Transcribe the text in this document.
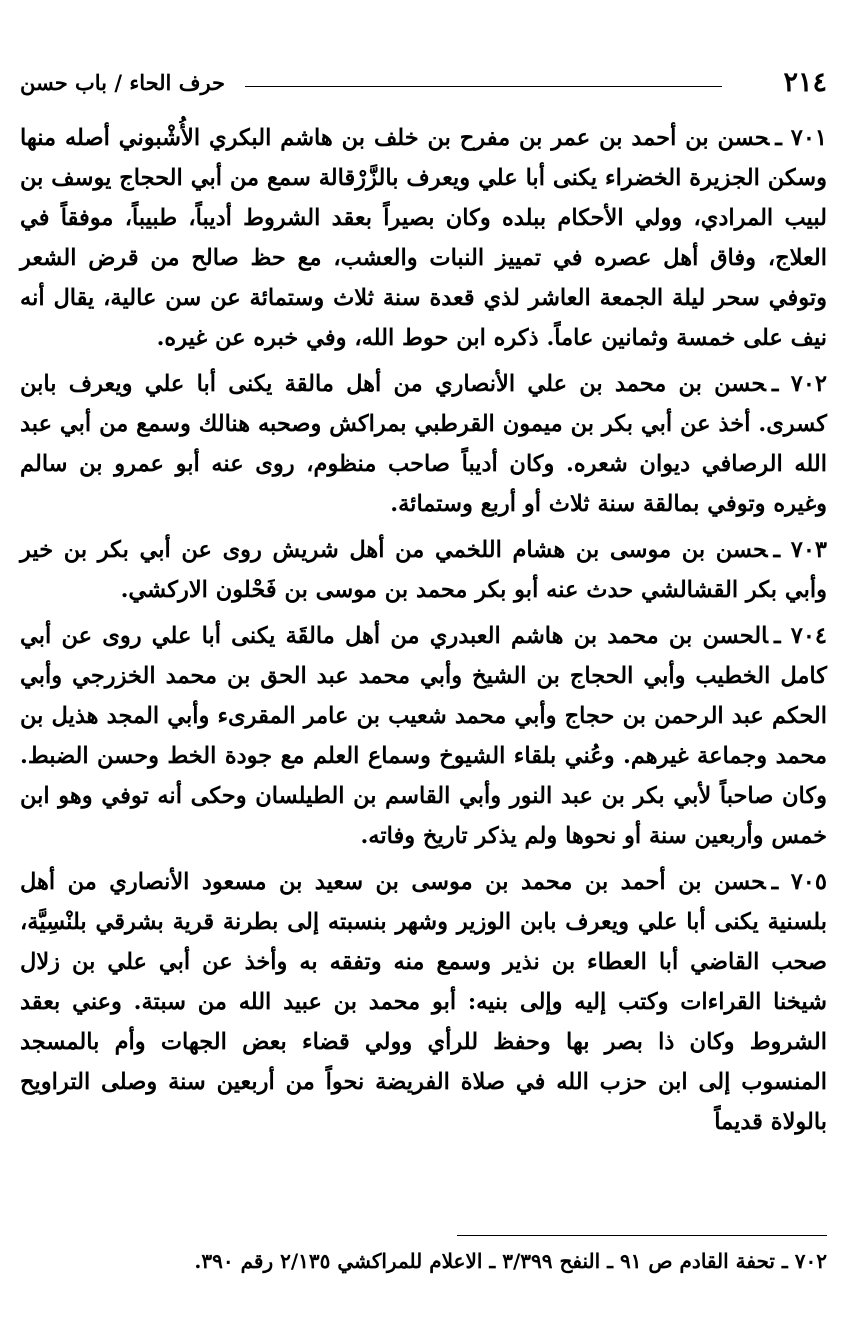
٢١٤
حرف الحاء / باب حسن

٧٠١ ـحسن بن أحمد بن عمر بن مفرح بن خلف بن هاشم البكري الأُشْبوني أصله منها وسكن الجزيرة الخضراء يكنى أبا علي ويعرف بالزَّرْقالة سمع من أبي الحجاج يوسف بن لبيب المرادي، وولي الأحكام ببلده وكان بصيراً بعقد الشروط أديباً، طبيباً، موفقاً في العلاج، وفاق أهل عصره في تمييز النبات والعشب، مع حظ صالح من قرض الشعر وتوفي سحر ليلة الجمعة العاشر لذي قعدة سنة ثلاث وستمائة عن سن عالية، يقال أنه نيف على خمسة وثمانين عاماً. ذكره ابن حوط الله، وفي خبره عن غيره.

٧٠٢ ـحسن بن محمد بن علي الأنصاري من أهل مالقة يكنى أبا علي ويعرف بابن كسرى. أخذ عن أبي بكر بن ميمون القرطبي بمراكش وصحبه هنالك وسمع من أبي عبد الله الرصافي ديوان شعره. وكان أديباً صاحب منظوم، روى عنه أبو عمرو بن سالم وغيره وتوفي بمالقة سنة ثلاث أو أربع وستمائة.

٧٠٣ ـحسن بن موسى بن هشام اللخمي من أهل شريش روى عن أبي بكر بن خير وأبي بكر القشالشي حدث عنه أبو بكر محمد بن موسى بن فَحْلون الاركشي.

٧٠٤ ـالحسن بن محمد بن هاشم العبدري من أهل مالقَة يكنى أبا علي روى عن أبي كامل الخطيب وأبي الحجاج بن الشيخ وأبي محمد عبد الحق بن محمد الخزرجي وأبي الحكم عبد الرحمن بن حجاج وأبي محمد شعيب بن عامر المقرىء وأبي المجد هذيل بن محمد وجماعة غيرهم. وعُني بلقاء الشيوخ وسماع العلم مع جودة الخط وحسن الضبط. وكان صاحباً لأبي بكر بن عبد النور وأبي القاسم بن الطيلسان وحكى أنه توفي وهو ابن خمس وأربعين سنة أو نحوها ولم يذكر تاريخ وفاته.

٧٠٥ ـحسن بن أحمد بن محمد بن موسى بن سعيد بن مسعود الأنصاري من أهل بلسنية يكنى أبا علي ويعرف بابن الوزير وشهر بنسبته إلى بطرنة قرية بشرقي بلنْسِيَّة، صحب القاضي أبا العطاء بن نذير وسمع منه وتفقه به وأخذ عن أبي علي بن زلال شيخنا القراءات وكتب إليه وإلى بنيه: أبو محمد بن عبيد الله من سبتة. وعني بعقد الشروط وكان ذا بصر بها وحفظ للرأي وولي قضاء بعض الجهات وأم بالمسجد المنسوب إلى ابن حزب الله في صلاة الفريضة نحواً من أربعين سنة وصلى التراويح بالولاة قديماً

٧٠٢ ـ تحفة القادم ص ٩١ ـ النفح ٣/٣٩٩ ـ الاعلام للمراكشي ٢/١٣٥ رقم ٣٩٠.
